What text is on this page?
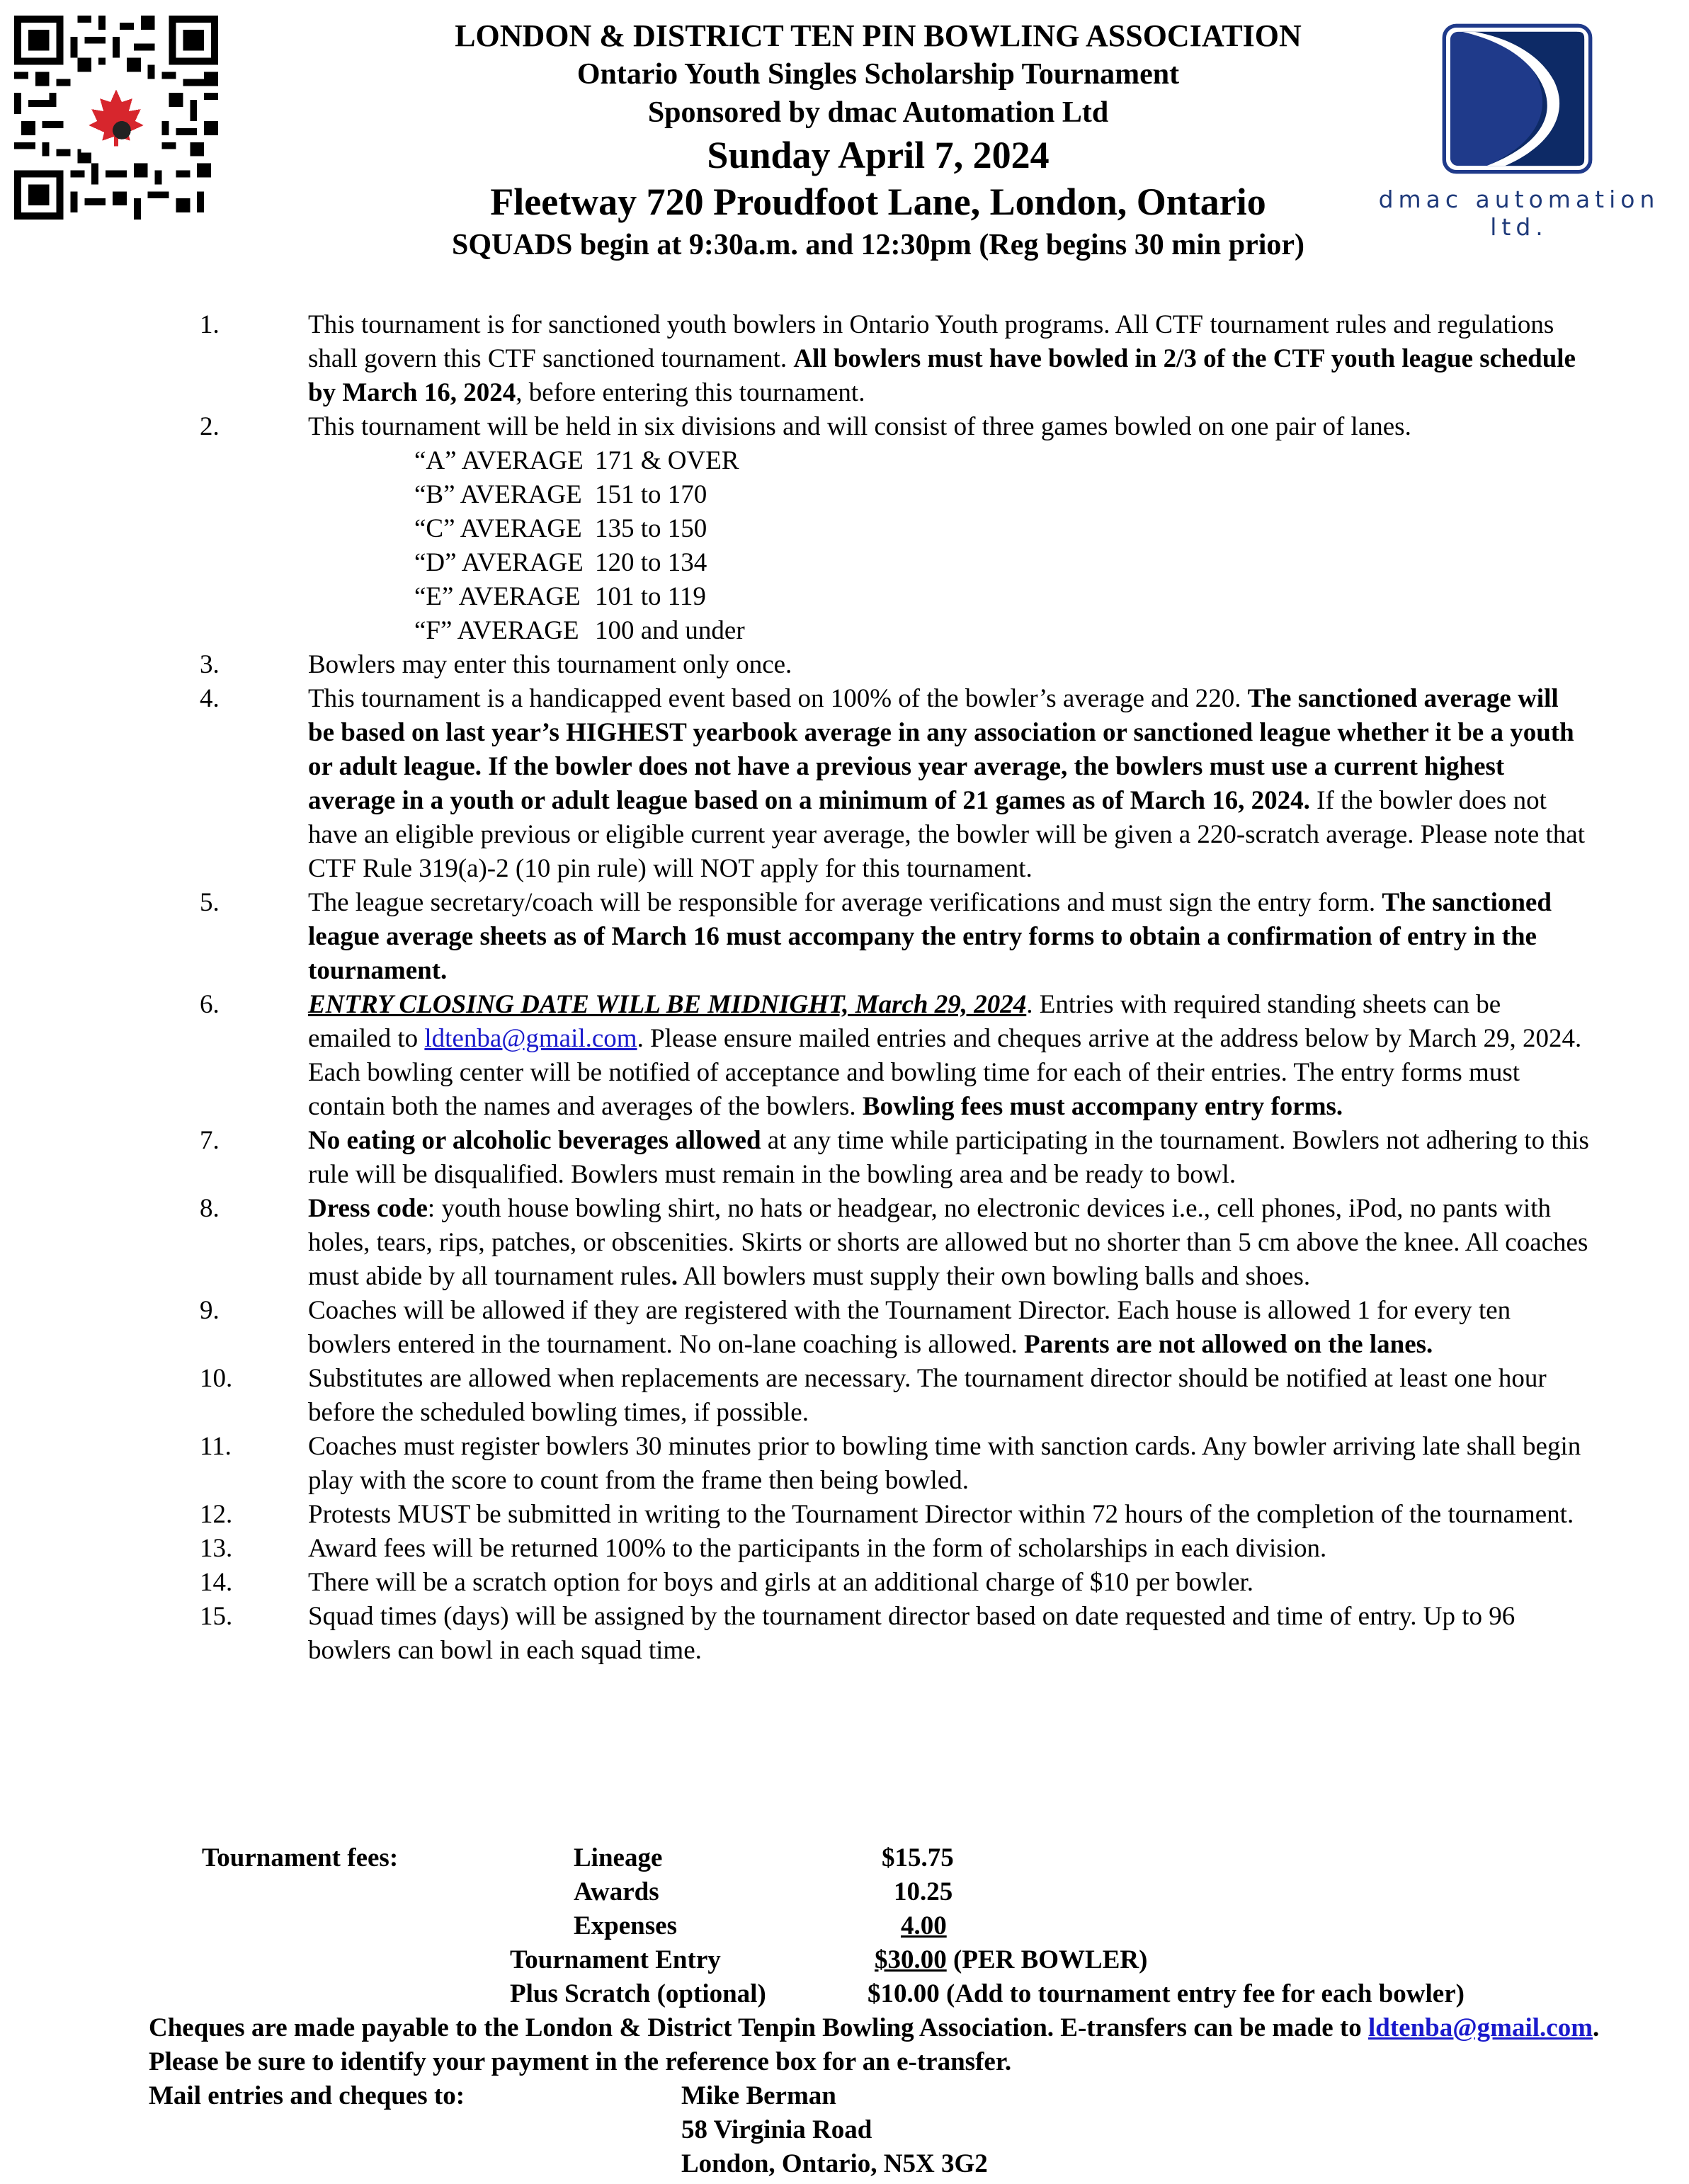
LONDON & DISTRICT TEN PIN BOWLING ASSOCIATION
Ontario Youth Singles Scholarship Tournament
Sponsored by dmac Automation Ltd
Sunday April 7, 2024
Fleetway 720 Proudfoot Lane, London, Ontario
SQUADS begin at 9:30a.m. and 12:30pm (Reg begins 30 min prior)
dmac automation ltd.
1.	This tournament is for sanctioned youth bowlers in Ontario Youth programs. All CTF tournament rules and regulations shall govern this CTF sanctioned tournament. All bowlers must have bowled in 2/3 of the CTF youth league schedule by March 16, 2024, before entering this tournament.
2.	This tournament will be held in six divisions and will consist of three games bowled on one pair of lanes.
“A” AVERAGE 171 & OVER
“B” AVERAGE 151 to 170
“C” AVERAGE 135 to 150
“D” AVERAGE 120 to 134
“E” AVERAGE 101 to 119
“F” AVERAGE 100 and under
3.	Bowlers may enter this tournament only once.
4.	This tournament is a handicapped event based on 100% of the bowler’s average and 220. The sanctioned average will be based on last year’s HIGHEST yearbook average in any association or sanctioned league whether it be a youth or adult league. If the bowler does not have a previous year average, the bowlers must use a current highest average in a youth or adult league based on a minimum of 21 games as of March 16, 2024. If the bowler does not have an eligible previous or eligible current year average, the bowler will be given a 220-scratch average. Please note that CTF Rule 319(a)-2 (10 pin rule) will NOT apply for this tournament.
5.	The league secretary/coach will be responsible for average verifications and must sign the entry form. The sanctioned league average sheets as of March 16 must accompany the entry forms to obtain a confirmation of entry in the tournament.
6.	ENTRY CLOSING DATE WILL BE MIDNIGHT, March 29, 2024. Entries with required standing sheets can be emailed to ldtenba@gmail.com. Please ensure mailed entries and cheques arrive at the address below by March 29, 2024. Each bowling center will be notified of acceptance and bowling time for each of their entries. The entry forms must contain both the names and averages of the bowlers. Bowling fees must accompany entry forms.
7.	No eating or alcoholic beverages allowed at any time while participating in the tournament. Bowlers not adhering to this rule will be disqualified. Bowlers must remain in the bowling area and be ready to bowl.
8.	Dress code: youth house bowling shirt, no hats or headgear, no electronic devices i.e., cell phones, iPod, no pants with holes, tears, rips, patches, or obscenities. Skirts or shorts are allowed but no shorter than 5 cm above the knee. All coaches must abide by all tournament rules. All bowlers must supply their own bowling balls and shoes.
9.	Coaches will be allowed if they are registered with the Tournament Director. Each house is allowed 1 for every ten bowlers entered in the tournament. No on-lane coaching is allowed. Parents are not allowed on the lanes.
10.	Substitutes are allowed when replacements are necessary. The tournament director should be notified at least one hour before the scheduled bowling times, if possible.
11.	Coaches must register bowlers 30 minutes prior to bowling time with sanction cards. Any bowler arriving late shall begin play with the score to count from the frame then being bowled.
12.	Protests MUST be submitted in writing to the Tournament Director within 72 hours of the completion of the tournament.
13.	Award fees will be returned 100% to the participants in the form of scholarships in each division.
14.	There will be a scratch option for boys and girls at an additional charge of $10 per bowler.
15.	Squad times (days) will be assigned by the tournament director based on date requested and time of entry. Up to 96 bowlers can bowl in each squad time.
Tournament fees:	Lineage	$15.75
Awards	10.25
Expenses	4.00
Tournament Entry	$30.00 (PER BOWLER)
Plus Scratch (optional)	$10.00 (Add to tournament entry fee for each bowler)
Cheques are made payable to the London & District Tenpin Bowling Association. E-transfers can be made to ldtenba@gmail.com. Please be sure to identify your payment in the reference box for an e-transfer.
Mail entries and cheques to:	Mike Berman
58 Virginia Road
London, Ontario, N5X 3G2
